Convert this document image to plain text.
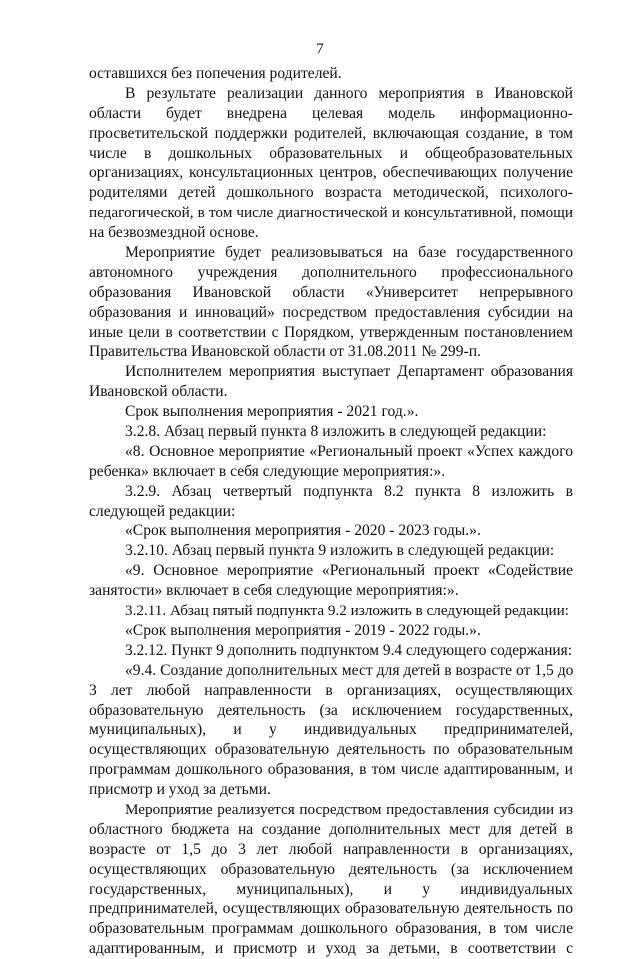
7
оставшихся без попечения родителей.
В результате реализации данного мероприятия в Ивановской
области будет внедрена целевая модель информационно-
просветительской поддержки родителей, включающая создание, в том
числе в дошкольных образовательных и общеобразовательных
организациях, консультационных центров, обеспечивающих получение
родителями детей дошкольного возраста методической, психолого-
педагогической, в том числе диагностической и консультативной, помощи
на безвозмездной основе.
Мероприятие будет реализовываться на базе государственного
автономного учреждения дополнительного профессионального
образования Ивановской области «Университет непрерывного
образования и инноваций» посредством предоставления субсидии на
иные цели в соответствии с Порядком, утвержденным постановлением
Правительства Ивановской области от 31.08.2011 № 299-п.
Исполнителем мероприятия выступает Департамент образования
Ивановской области.
Срок выполнения мероприятия - 2021 год.».
3.2.8. Абзац первый пункта 8 изложить в следующей редакции:
«8. Основное мероприятие «Региональный проект «Успех каждого
ребенка» включает в себя следующие мероприятия:».
3.2.9. Абзац четвертый подпункта 8.2 пункта 8 изложить в
следующей редакции:
«Срок выполнения мероприятия - 2020 - 2023 годы.».
3.2.10. Абзац первый пункта 9 изложить в следующей редакции:
«9. Основное мероприятие «Региональный проект «Содействие
занятости» включает в себя следующие мероприятия:».
3.2.11. Абзац пятый подпункта 9.2 изложить в следующей редакции:
«Срок выполнения мероприятия - 2019 - 2022 годы.».
3.2.12. Пункт 9 дополнить подпунктом 9.4 следующего содержания:
«9.4. Создание дополнительных мест для детей в возрасте от 1,5 до
3 лет любой направленности в организациях, осуществляющих
образовательную деятельность (за исключением государственных,
муниципальных), и у индивидуальных предпринимателей,
осуществляющих образовательную деятельность по образовательным
программам дошкольного образования, в том числе адаптированным, и
присмотр и уход за детьми.
Мероприятие реализуется посредством предоставления субсидии из
областного бюджета на создание дополнительных мест для детей в
возрасте от 1,5 до 3 лет любой направленности в организациях,
осуществляющих образовательную деятельность (за исключением
государственных, муниципальных), и у индивидуальных
предпринимателей, осуществляющих образовательную деятельность по
образовательным программам дошкольного образования, в том числе
адаптированным, и присмотр и уход за детьми, в соответствии с
